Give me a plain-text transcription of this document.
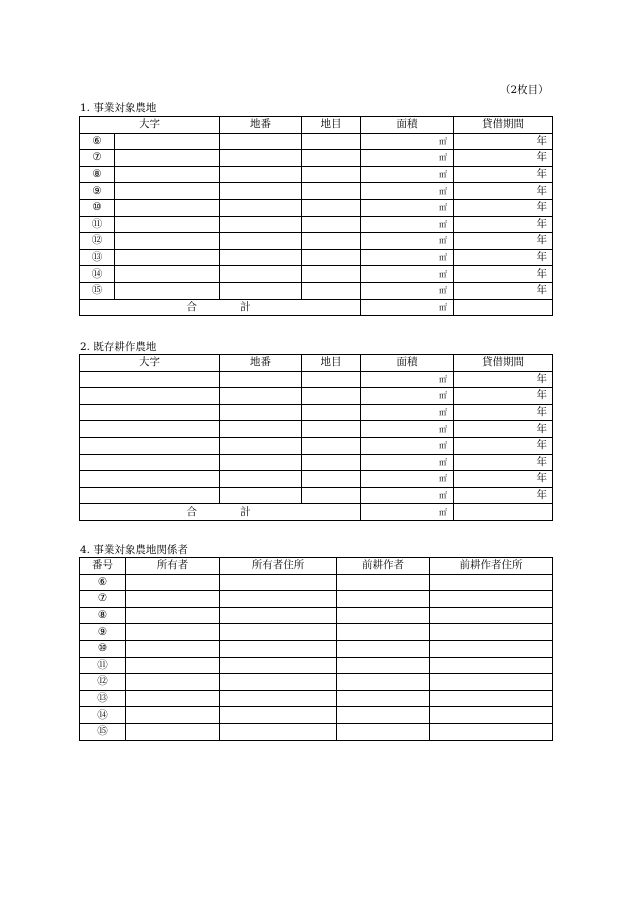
（2枚目）
1. 事業対象農地
大字		地番	地目	面積	貸借期間
⑥				㎡	年
⑦				㎡	年
⑧				㎡	年
⑨				㎡	年
⑩				㎡	年
⑪				㎡	年
⑫				㎡	年
⑬				㎡	年
⑭				㎡	年
⑮				㎡	年
合 計				㎡	
2. 既存耕作農地
大字	地番	地目	面積	貸借期間
			㎡	年
			㎡	年
			㎡	年
			㎡	年
			㎡	年
			㎡	年
			㎡	年
			㎡	年
合 計			㎡	
4. 事業対象農地関係者
番号	所有者	所有者住所	前耕作者	前耕作者住所
⑥				
⑦				
⑧				
⑨				
⑩				
⑪				
⑫				
⑬				
⑭				
⑮				
